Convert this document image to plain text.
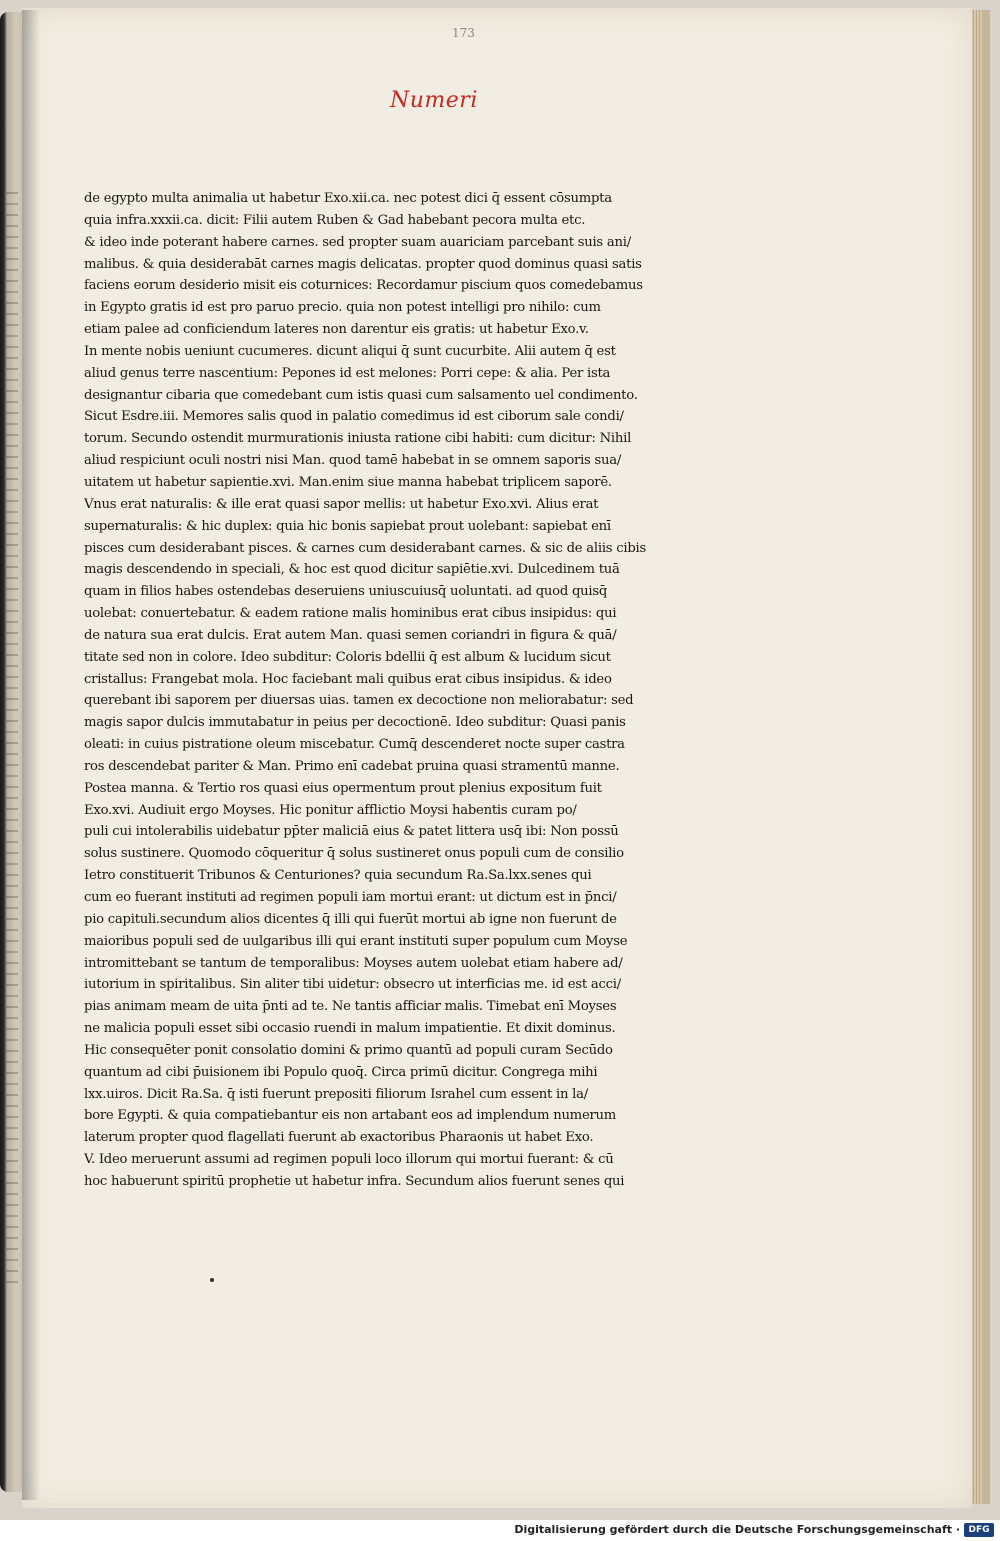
173
Numeri
de egypto multa animalia ut habetur Exo.xii.ca. nec potest dici q̄ essent cōsumpta
quia infra.xxxii.ca. dicit: Filii autem Ruben & Gad habebant pecora multa etc.
& ideo inde poterant habere carnes. sed propter suam auariciam parcebant suis ani/
malibus. & quia desiderabāt carnes magis delicatas. propter quod dominus quasi satis
faciens eorum desiderio misit eis coturnices: Recordamur piscium quos comedebamus
in Egypto gratis id est pro paruo precio. quia non potest intelligi pro nihilo: cum
etiam palee ad conficiendum lateres non darentur eis gratis: ut habetur Exo.v.
In mente nobis ueniunt cucumeres. dicunt aliqui q̄ sunt cucurbite. Alii autem q̄ est
aliud genus terre nascentium: Pepones id est melones: Porri cepe: & alia. Per ista
designantur cibaria que comedebant cum istis quasi cum salsamento uel condimento.
Sicut Esdre.iii. Memores salis quod in palatio comedimus id est ciborum sale condi/
torum. Secundo ostendit murmurationis iniusta ratione cibi habiti: cum dicitur: Nihil
aliud respiciunt oculi nostri nisi Man. quod tamē habebat in se omnem saporis sua/
uitatem ut habetur sapientie.xvi. Man.enim siue manna habebat triplicem saporē.
Vnus erat naturalis: & ille erat quasi sapor mellis: ut habetur Exo.xvi. Alius erat
supernaturalis: & hic duplex: quia hic bonis sapiebat prout uolebant: sapiebat enī
pisces cum desiderabant pisces. & carnes cum desiderabant carnes. & sic de aliis cibis
magis descendendo in speciali, & hoc est quod dicitur sapiētie.xvi. Dulcedinem tuā
quam in filios habes ostendebas deseruiens uniuscuiusq̄ uoluntati. ad quod quisq̄
uolebat: conuertebatur. & eadem ratione malis hominibus erat cibus insipidus: qui
de natura sua erat dulcis. Erat autem Man. quasi semen coriandri in figura & quā/
titate sed non in colore. Ideo subditur: Coloris bdellii q̄ est album & lucidum sicut
cristallus: Frangebat mola. Hoc faciebant mali quibus erat cibus insipidus. & ideo
querebant ibi saporem per diuersas uias. tamen ex decoctione non meliorabatur: sed
magis sapor dulcis immutabatur in peius per decoctionē. Ideo subditur: Quasi panis
oleati: in cuius pistratione oleum miscebatur. Cumq̄ descenderet nocte super castra
ros descendebat pariter & Man. Primo enī cadebat pruina quasi stramentū manne.
Postea manna. & Tertio ros quasi eius opermentum prout plenius expositum fuit
Exo.xvi. Audiuit ergo Moyses. Hic ponitur afflictio Moysi habentis curam po/
puli cui intolerabilis uidebatur pp̄ter maliciā eius & patet littera usq̄ ibi: Non possū
solus sustinere. Quomodo cōqueritur q̄ solus sustineret onus populi cum de consilio
Ietro constituerit Tribunos & Centuriones? quia secundum Ra.Sa.lxx.senes qui
cum eo fuerant instituti ad regimen populi iam mortui erant: ut dictum est in p̄nci/
pio capituli.secundum alios dicentes q̄ illi qui fuerūt mortui ab igne non fuerunt de
maioribus populi sed de uulgaribus illi qui erant instituti super populum cum Moyse
intromittebant se tantum de temporalibus: Moyses autem uolebat etiam habere ad/
iutorium in spiritalibus. Sin aliter tibi uidetur: obsecro ut interficias me. id est acci/
pias animam meam de uita p̄nti ad te. Ne tantis afficiar malis. Timebat enī Moyses
ne malicia populi esset sibi occasio ruendi in malum impatientie. Et dixit dominus.
Hic consequēter ponit consolatio domini & primo quantū ad populi curam Secūdo
quantum ad cibi p̄uisionem ibi Populo quoq̄. Circa primū dicitur. Congrega mihi
lxx.uiros. Dicit Ra.Sa. q̄ isti fuerunt prepositi filiorum Israhel cum essent in la/
bore Egypti. & quia compatiebantur eis non artabant eos ad implendum numerum
laterum propter quod flagellati fuerunt ab exactoribus Pharaonis ut habet Exo.
V. Ideo meruerunt assumi ad regimen populi loco illorum qui mortui fuerant: & cū
hoc habuerunt spiritū prophetie ut habetur infra. Secundum alios fuerunt senes qui
Digitalisierung gefördert durch die Deutsche Forschungsgemeinschaft · DFG
